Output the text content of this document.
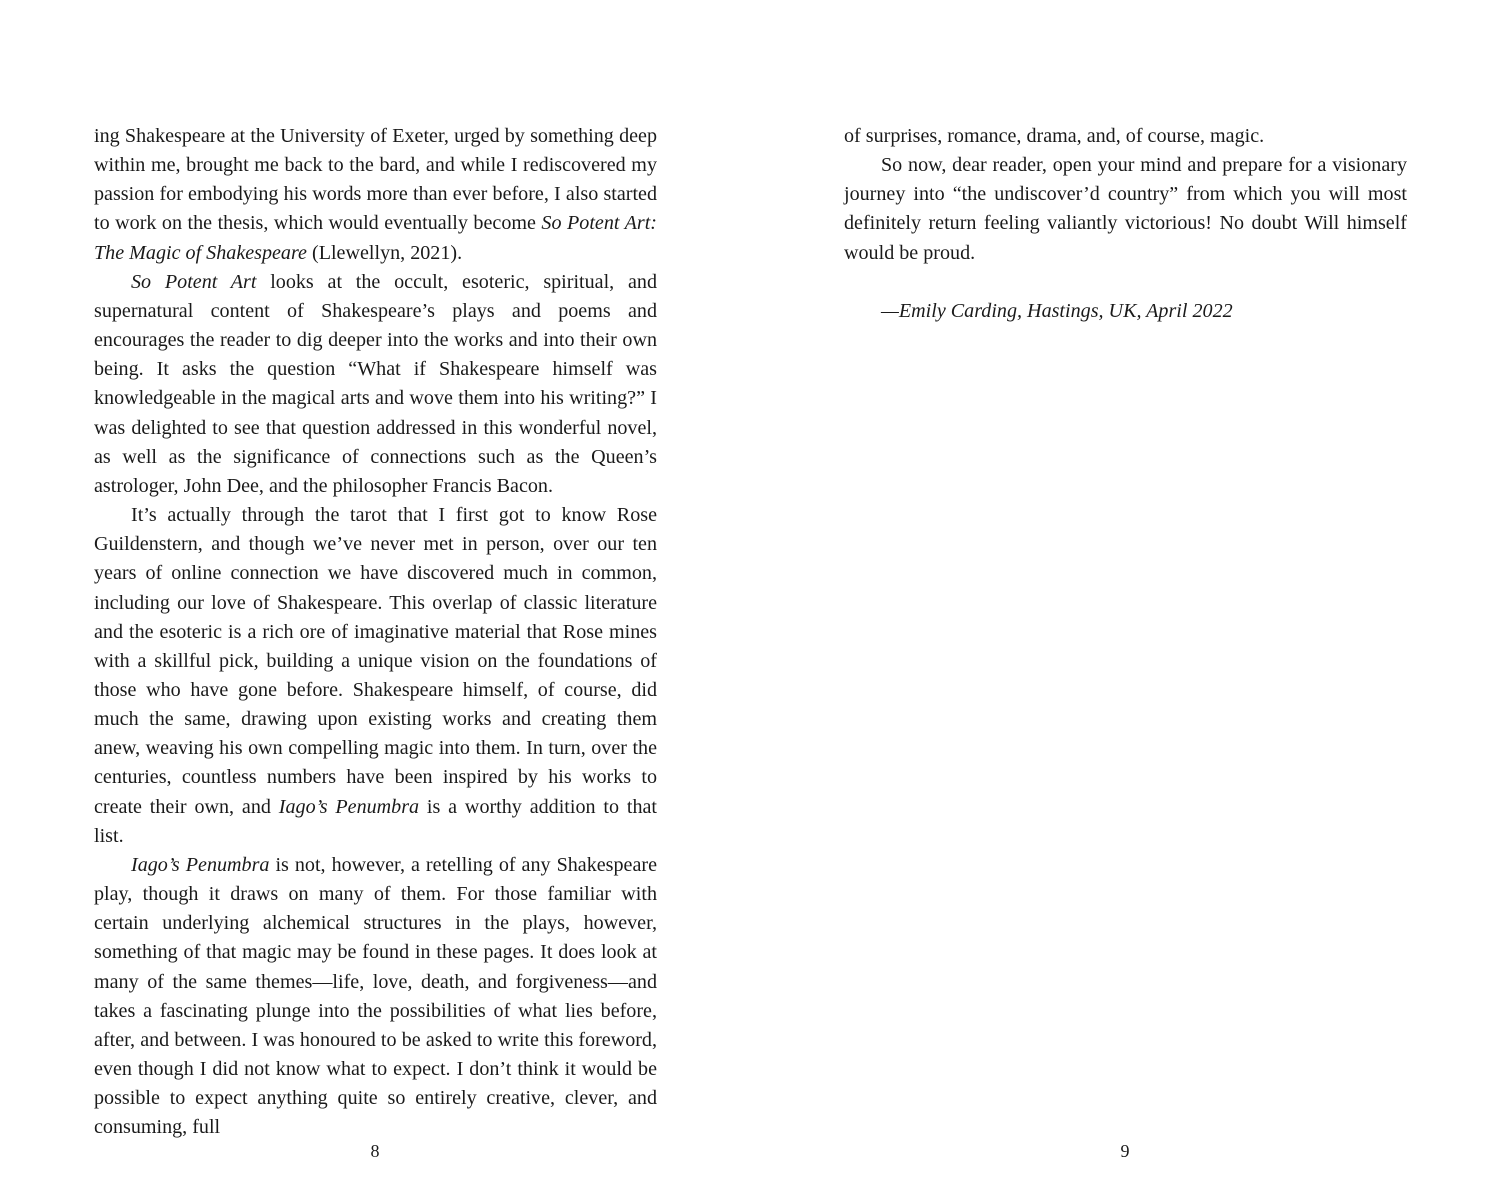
ing Shakespeare at the University of Exeter, urged by something deep within me, brought me back to the bard, and while I rediscovered my passion for embodying his words more than ever before, I also started to work on the thesis, which would eventually become So Potent Art: The Magic of Shakespeare (Llewellyn, 2021).

So Potent Art looks at the occult, esoteric, spiritual, and supernatural content of Shakespeare’s plays and poems and encourages the reader to dig deeper into the works and into their own being. It asks the question “What if Shakespeare himself was knowledgeable in the magical arts and wove them into his writing?” I was delighted to see that question addressed in this wonderful novel, as well as the significance of connections such as the Queen’s astrologer, John Dee, and the philosopher Francis Bacon.

It’s actually through the tarot that I first got to know Rose Guildenstern, and though we’ve never met in person, over our ten years of online connection we have discovered much in common, including our love of Shakespeare. This overlap of classic literature and the esoteric is a rich ore of imaginative material that Rose mines with a skillful pick, building a unique vision on the foundations of those who have gone before. Shakespeare himself, of course, did much the same, drawing upon existing works and creating them anew, weaving his own compelling magic into them. In turn, over the centuries, countless numbers have been inspired by his works to create their own, and Iago’s Penumbra is a worthy addition to that list.

Iago’s Penumbra is not, however, a retelling of any Shakespeare play, though it draws on many of them. For those familiar with certain underlying alchemical structures in the plays, however, something of that magic may be found in these pages. It does look at many of the same themes—life, love, death, and forgiveness—and takes a fascinating plunge into the possibilities of what lies before, after, and between. I was honoured to be asked to write this foreword, even though I did not know what to expect. I don’t think it would be possible to expect anything quite so entirely creative, clever, and consuming, full

8

of surprises, romance, drama, and, of course, magic.

So now, dear reader, open your mind and prepare for a visionary journey into “the undiscover’d country” from which you will most definitely return feeling valiantly victorious! No doubt Will himself would be proud.

—Emily Carding, Hastings, UK, April 2022

9
